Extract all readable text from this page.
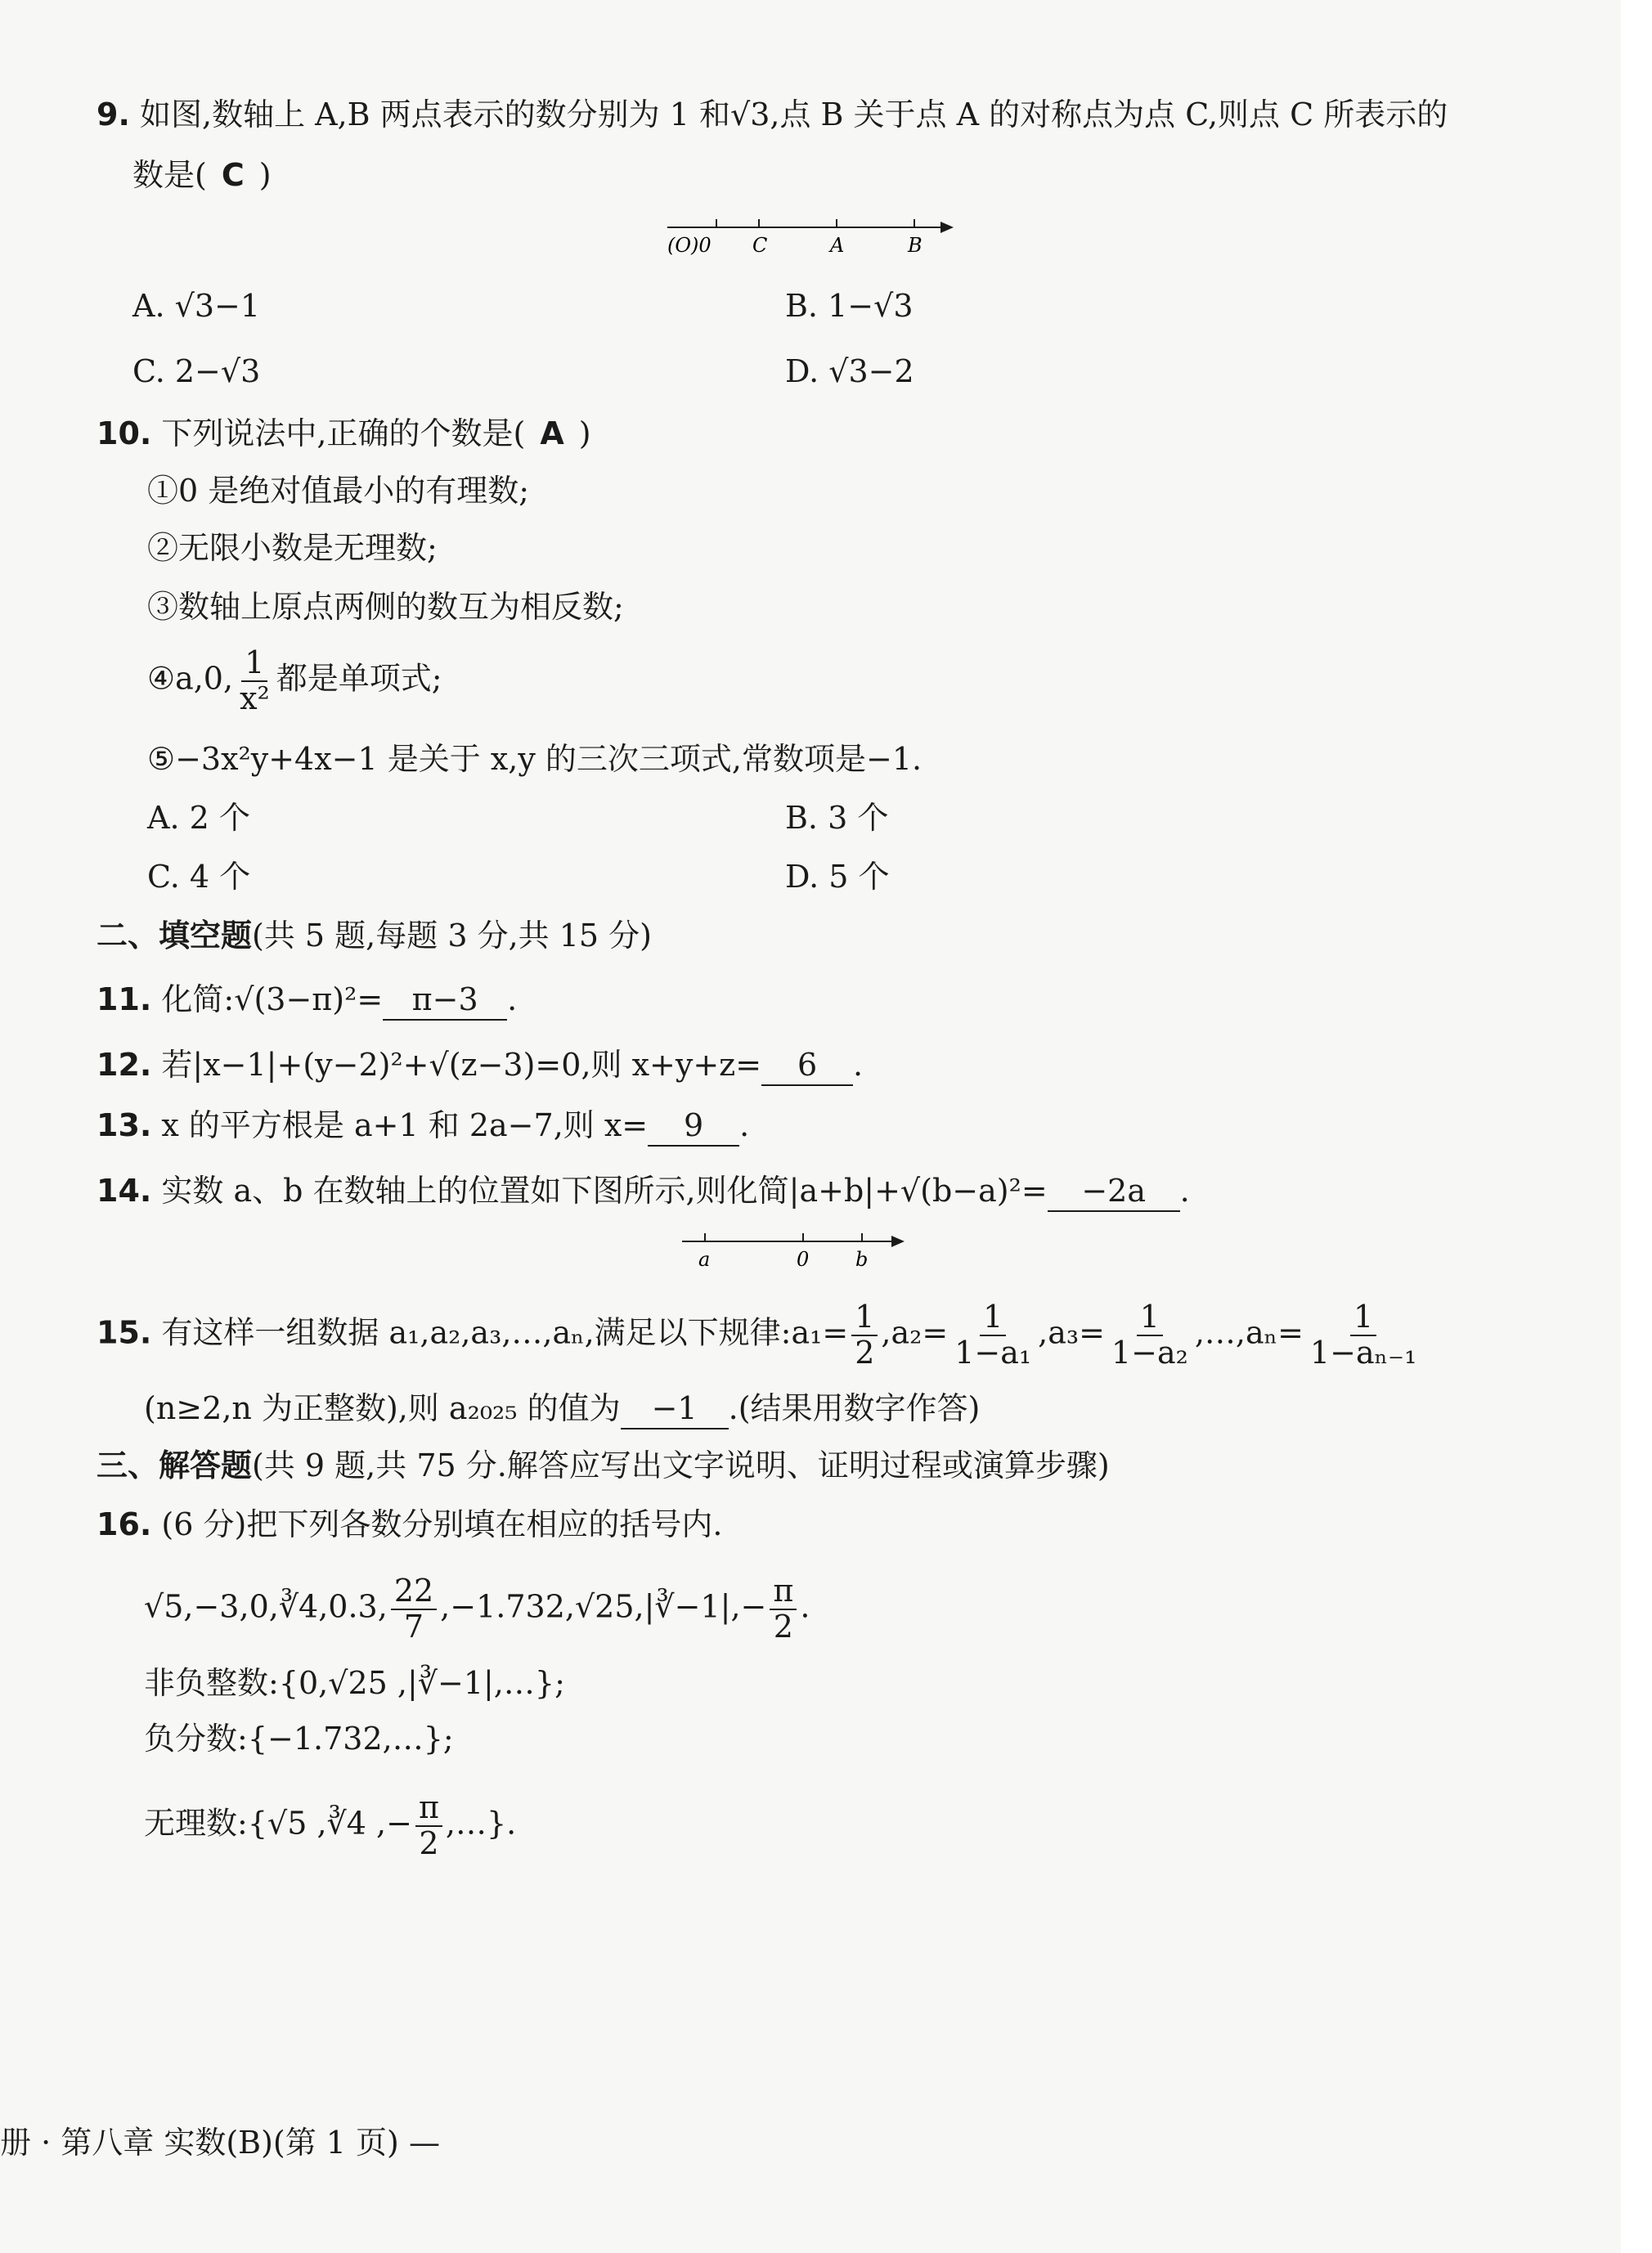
9. 如图,数轴上 A,B 两点表示的数分别为 1 和√3,点 B 关于点 A 的对称点为点 C,则点 C 所表示的
数是( C )
(O)0 C	A	B
A. √3−1	B. 1−√3
C. 2−√3	D. √3−2
10. 下列说法中,正确的个数是( A )
①0 是绝对值最小的有理数;
②无限小数是无理数;
③数轴上原点两侧的数互为相反数;
④a,0, $\frac{1}{\text{x²}}$ 都是单项式;
⑤−3x²y+4x−1 是关于 x,y 的三次三项式,常数项是−1.
A. 2 个	B. 3 个
C. 4 个	D. 5 个
二、填空题(共 5 题,每题 3 分,共 15 分)
11. 化简:√(3−π)²= π−3 .
12. 若|x−1|+(y−2)²+√(z−3)=0,则 x+y+z= 6 .
13. x 的平方根是 a+1 和 2a−7,则 x= 9 .
14. 实数 a、b 在数轴上的位置如下图所示,则化简|a+b|+√(b−a)²= −2a .
a	0 b
15. 有这样一组数据 a₁,a₂,a₃,…,aₙ,满足以下规律:a₁= $\frac{1}{2} ,a_2= \frac{1}{\text{1−a₁}} ,a_3= \frac{1}{\text{1−a₂}}$ ,…,aₙ= $\frac{1}{\text{1−aₙ₋₁}}$
(n≥2,n 为正整数),则 a₂₀₂₅ 的值为 −1 .(结果用数字作答)
三、解答题(共 9 题,共 75 分.解答应写出文字说明、证明过程或演算步骤)
16. (6 分)把下列各数分别填在相应的括号内.
√5,−3,0,∛4,0.3, $\frac{22}{7}$ ,−1.732,√25,|∛−1|,− $\frac{\pi}{2}$ .
非负整数:{0,√25 ,|∛−1|,…};
负分数:{−1.732,…};
无理数:{√5 ,∛4 ,− $\frac{\pi}{2}$ ,…}.
册 · 第八章 实数(B)(第 1 页) —
